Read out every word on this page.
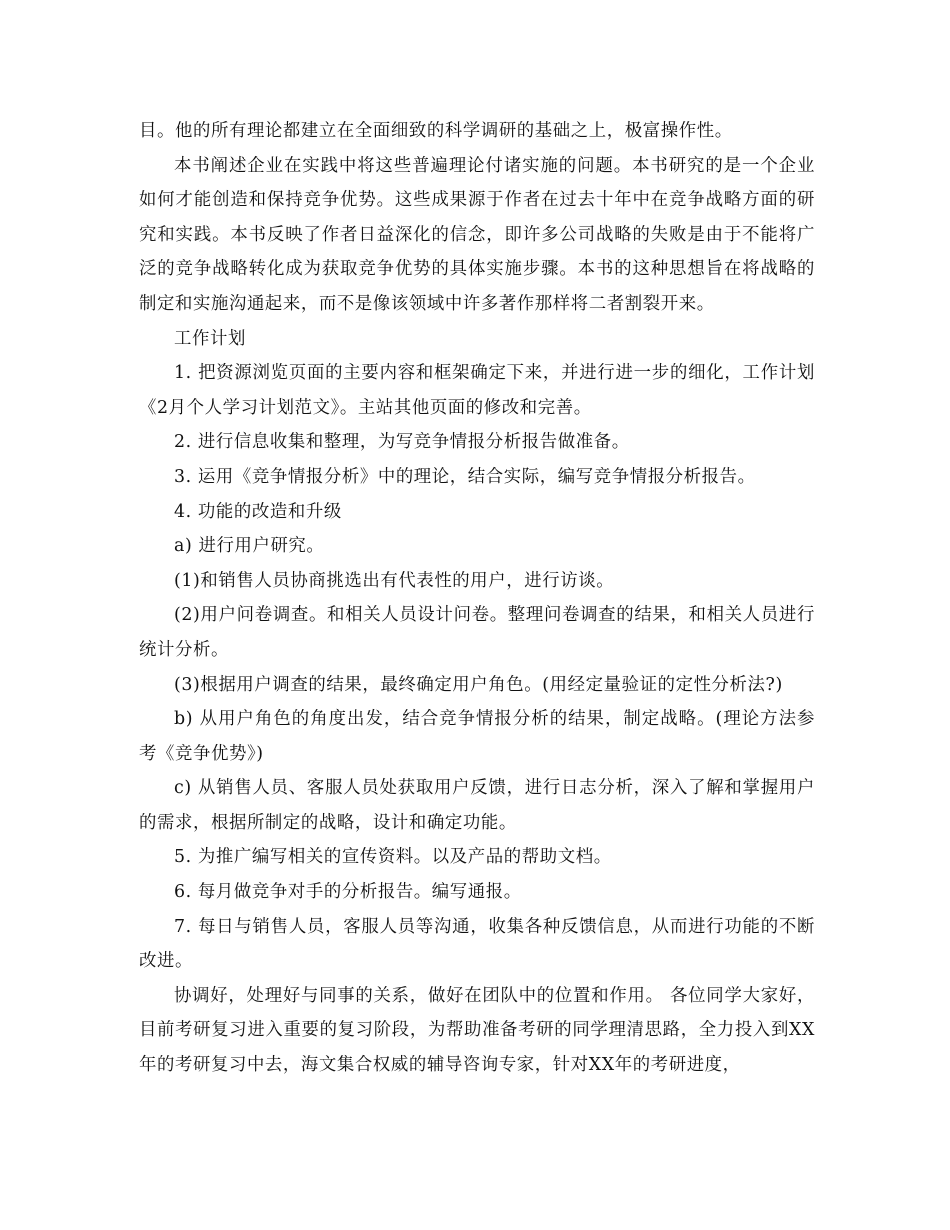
目。他的所有理论都建立在全面细致的科学调研的基础之上，极富操作性。

本书阐述企业在实践中将这些普遍理论付诸实施的问题。本书研究的是一个企业如何才能创造和保持竞争优势。这些成果源于作者在过去十年中在竞争战略方面的研究和实践。本书反映了作者日益深化的信念，即许多公司战略的失败是由于不能将广泛的竞争战略转化成为获取竞争优势的具体实施步骤。本书的这种思想旨在将战略的制定和实施沟通起来，而不是像该领域中许多著作那样将二者割裂开来。

工作计划

1. 把资源浏览页面的主要内容和框架确定下来，并进行进一步的细化，工作计划《2月个人学习计划范文》。主站其他页面的修改和完善。

2. 进行信息收集和整理，为写竞争情报分析报告做准备。

3. 运用《竞争情报分析》中的理论，结合实际，编写竞争情报分析报告。

4. 功能的改造和升级

a) 进行用户研究。

(1)和销售人员协商挑选出有代表性的用户，进行访谈。

(2)用户问卷调查。和相关人员设计问卷。整理问卷调查的结果，和相关人员进行统计分析。

(3)根据用户调查的结果，最终确定用户角色。(用经定量验证的定性分析法?)

b) 从用户角色的角度出发，结合竞争情报分析的结果，制定战略。(理论方法参考《竞争优势》)

c) 从销售人员、客服人员处获取用户反馈，进行日志分析，深入了解和掌握用户的需求，根据所制定的战略，设计和确定功能。

5. 为推广编写相关的宣传资料。以及产品的帮助文档。

6. 每月做竞争对手的分析报告。编写通报。

7. 每日与销售人员，客服人员等沟通，收集各种反馈信息，从而进行功能的不断改进。

协调好，处理好与同事的关系，做好在团队中的位置和作用。 各位同学大家好，目前考研复习进入重要的复习阶段，为帮助准备考研的同学理清思路，全力投入到XX年的考研复习中去，海文集合权威的辅导咨询专家，针对XX年的考研进度，
